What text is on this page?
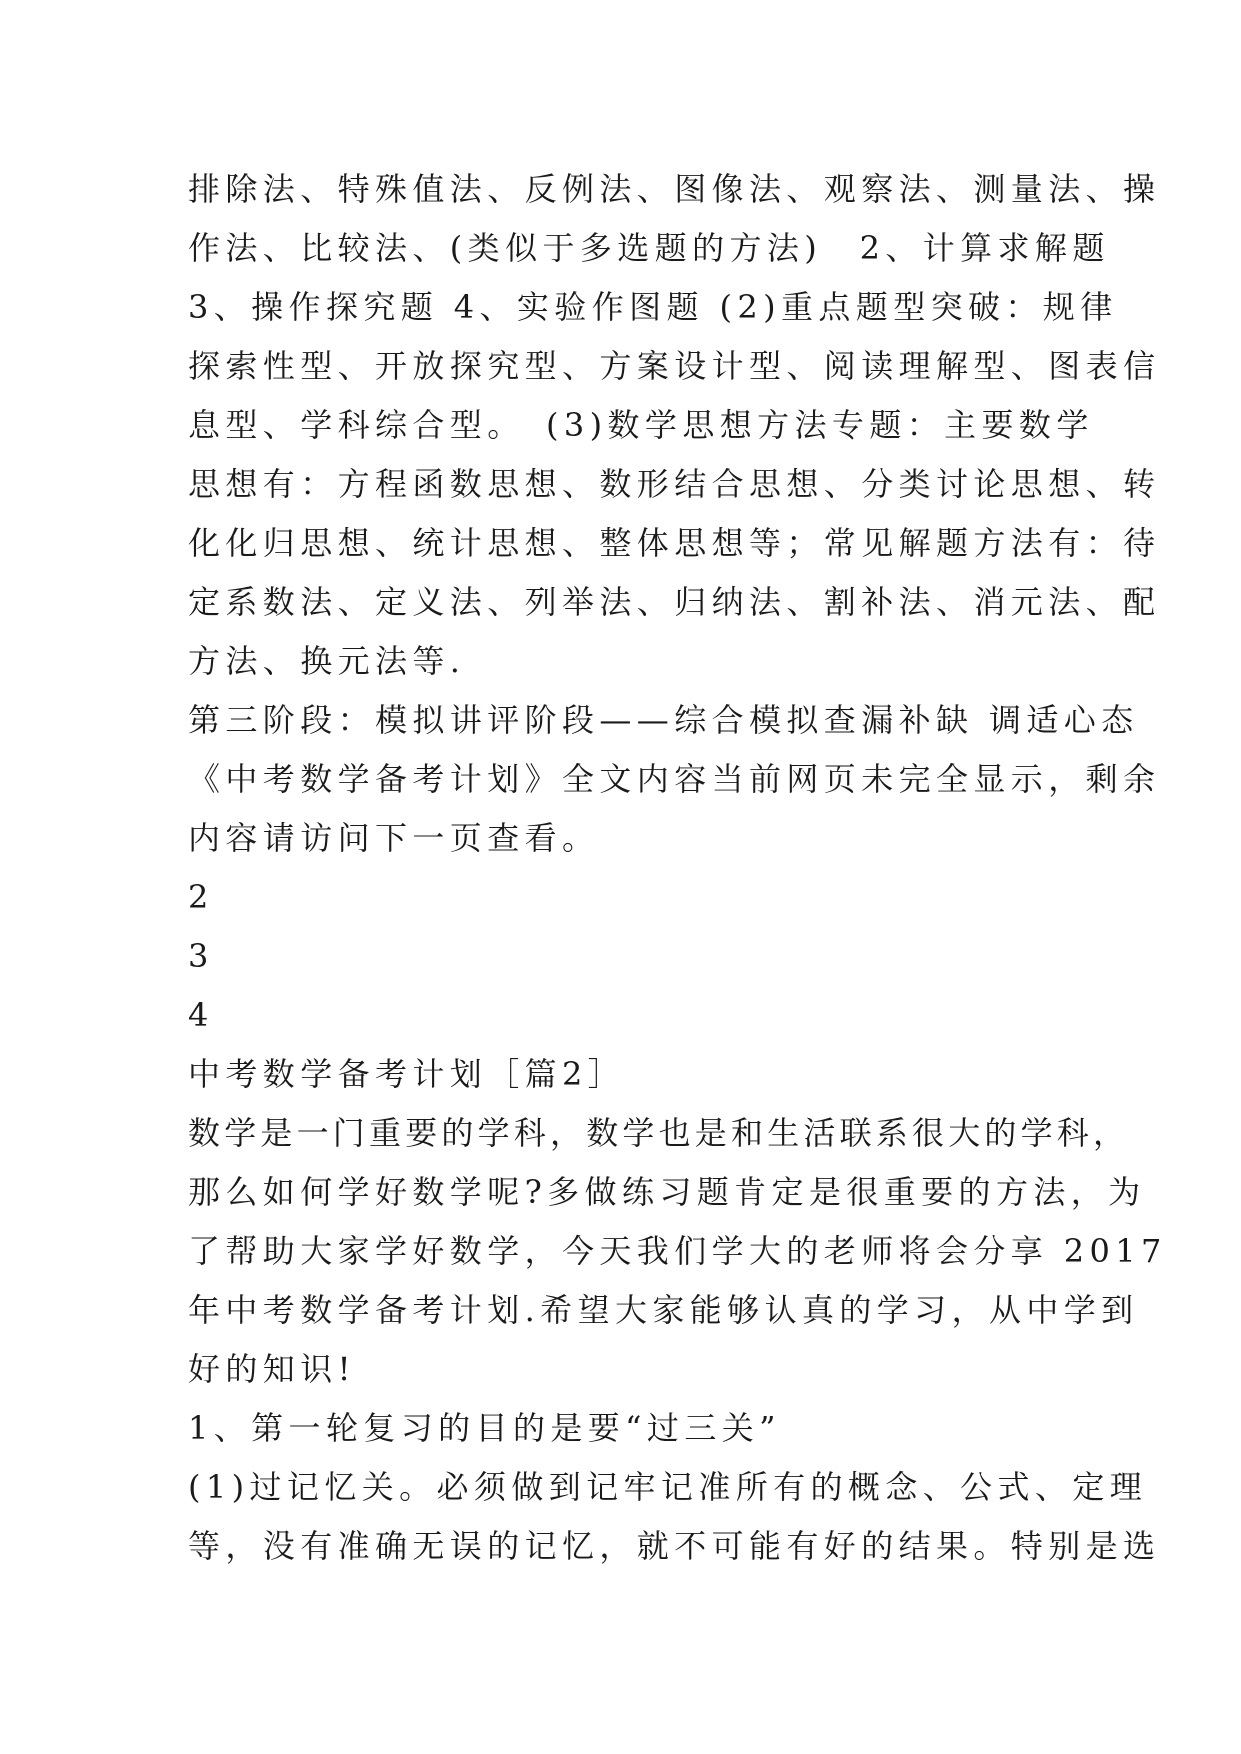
排除法、特殊值法、反例法、图像法、观察法、测量法、操
作法、比较法、(类似于多选题的方法)　2、计算求解题
3、操作探究题 4、实验作图题 (2)重点题型突破：规律
探索性型、开放探究型、方案设计型、阅读理解型、图表信
息型、学科综合型。　(3)数学思想方法专题：主要数学
思想有：方程函数思想、数形结合思想、分类讨论思想、转
化化归思想、统计思想、整体思想等；常见解题方法有：待
定系数法、定义法、列举法、归纳法、割补法、消元法、配
方法、换元法等.
第三阶段：模拟讲评阶段——综合模拟查漏补缺 调适心态
《中考数学备考计划》全文内容当前网页未完全显示，剩余
内容请访问下一页查看。
2
3
4
中考数学备考计划［篇2］
数学是一门重要的学科，数学也是和生活联系很大的学科，
那么如何学好数学呢?多做练习题肯定是很重要的方法，为
了帮助大家学好数学，今天我们学大的老师将会分享 2017
年中考数学备考计划.希望大家能够认真的学习，从中学到
好的知识!
1、第一轮复习的目的是要“过三关”
(1)过记忆关。必须做到记牢记准所有的概念、公式、定理
等，没有准确无误的记忆，就不可能有好的结果。特别是选
